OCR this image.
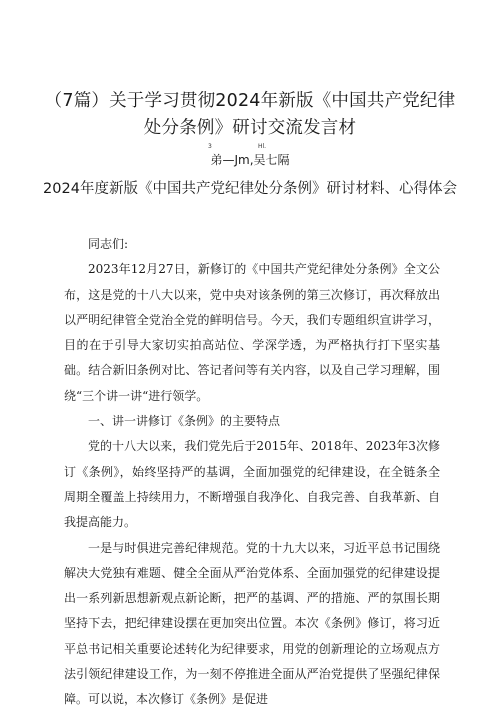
（7篇）关于学习贯彻2024年新版《中国共产党纪律处分条例》研讨交流发言材
3	Hl.
弟—Jm,吴七隔
2024年度新版《中国共产党纪律处分条例》研讨材料、心得体会

同志们:

2023年12月27日，新修订的《中国共产党纪律处分条例》全文公布，这是党的十八大以来，党中央对该条例的第三次修订，再次释放出以严明纪律管全党治全党的鲜明信号。今天，我们专题组织宣讲学习，目的在于引导大家切实拍高站位、学深学透，为严格执行打下坚实基础。结合新旧条例对比、答记者问等有关内容，以及自己学习理解，围绕“三个讲一讲“进行领学。

一、讲一讲修订《条例》的主要特点

党的十八大以来，我们党先后于2015年、2018年、2023年3次修订《条例》，始终坚持严的基调，全面加强党的纪律建设，在全链条全周期全覆盖上持续用力，不断增强自我净化、自我完善、自我革新、自我提高能力。

一是与时俱进完善纪律规范。党的十九大以来，习近平总书记围绕解决大党独有难题、健全全面从严治党体系、全面加强党的纪律建设提出一系列新思想新观点新论断，把严的基调、严的措施、严的氛围长期坚持下去，把纪律建设摆在更加突出位置。本次《条例》修订，将习近平总书记相关重要论述转化为纪律要求，用党的创新理论的立场观点方法引领纪律建设工作，为一刻不停推进全面从严治党提供了坚强纪律保障。可以说，本次修订《条例》是促进
